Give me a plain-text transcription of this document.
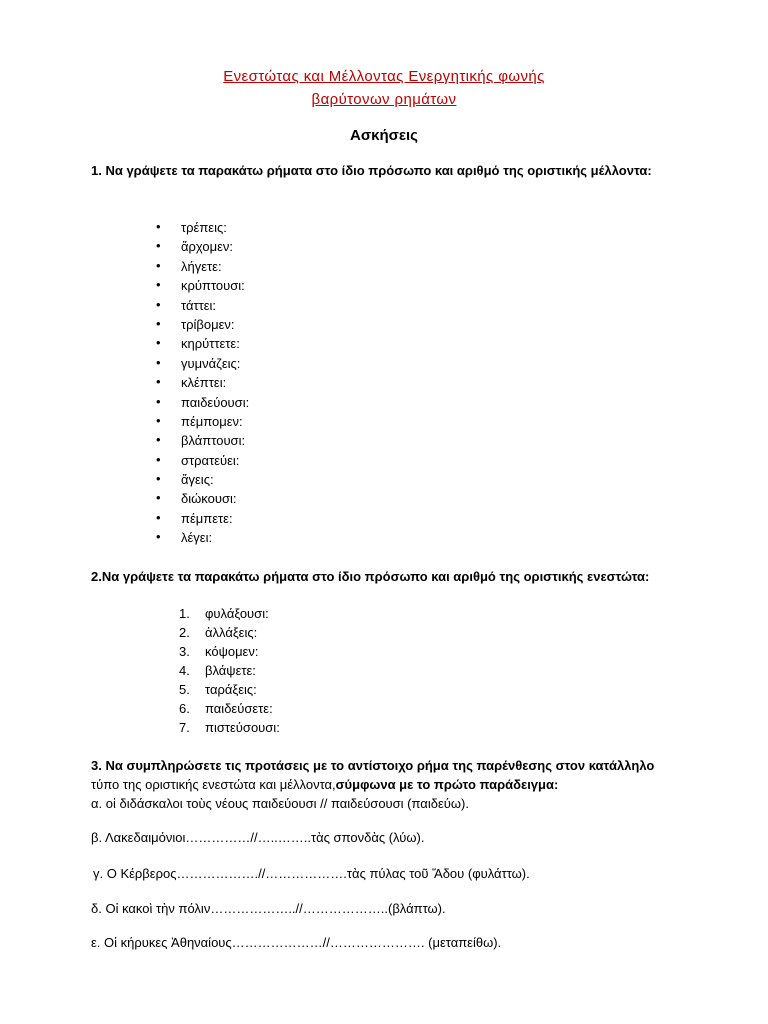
Ενεστώτας και Μέλλοντας Ενεργητικής φωνής
βαρύτονων ρημάτων
Ασκήσεις
1. Να γράψετε τα παρακάτω ρήματα στο ίδιο πρόσωπο και αριθμό της οριστικής μέλλοντα:
• τρέπεις:
• ἄρχομεν:
• λήγετε:
• κρύπτουσι:
• τάττει:
• τρίβομεν:
• κηρύττετε:
• γυμνάζεις:
• κλέπτει:
• παιδεύουσι:
• πέμπομεν:
• βλάπτουσι:
• στρατεύει:
• ἄγεις:
• διώκουσι:
• πέμπετε:
• λέγει:
2.Να γράψετε τα παρακάτω ρήματα στο ίδιο πρόσωπο και αριθμό της οριστικής ενεστώτα:
1. φυλάξουσι:
2. ἀλλάξεις:
3. κόψομεν:
4. βλάψετε:
5. ταράξεις:
6. παιδεύσετε:
7. πιστεύσουσι:
3. Να συμπληρώσετε τις προτάσεις με το αντίστοιχο ρήμα της παρένθεσης στον κατάλληλο
τύπο της οριστικής ενεστώτα και μέλλοντα,σύμφωνα με το πρώτο παράδειγμα:
α. οἱ διδάσκαλοι τοὺς νέους παιδεύουσι // παιδεύσουσι (παιδεύω).
β. Λακεδαιμόνιοι……………//…..……..τὰς σπονδὰς (λύω).
γ. Ο Κέρβερος……………….//……………….τὰς πύλας τοῦ Ἅδου (φυλάττω).
δ. Οἱ κακοὶ τὴν πόλιν………………..//………………..(βλάπτω).
ε. Οἱ κήρυκες Ἀθηναίους…………………//…………………. (μεταπείθω).
